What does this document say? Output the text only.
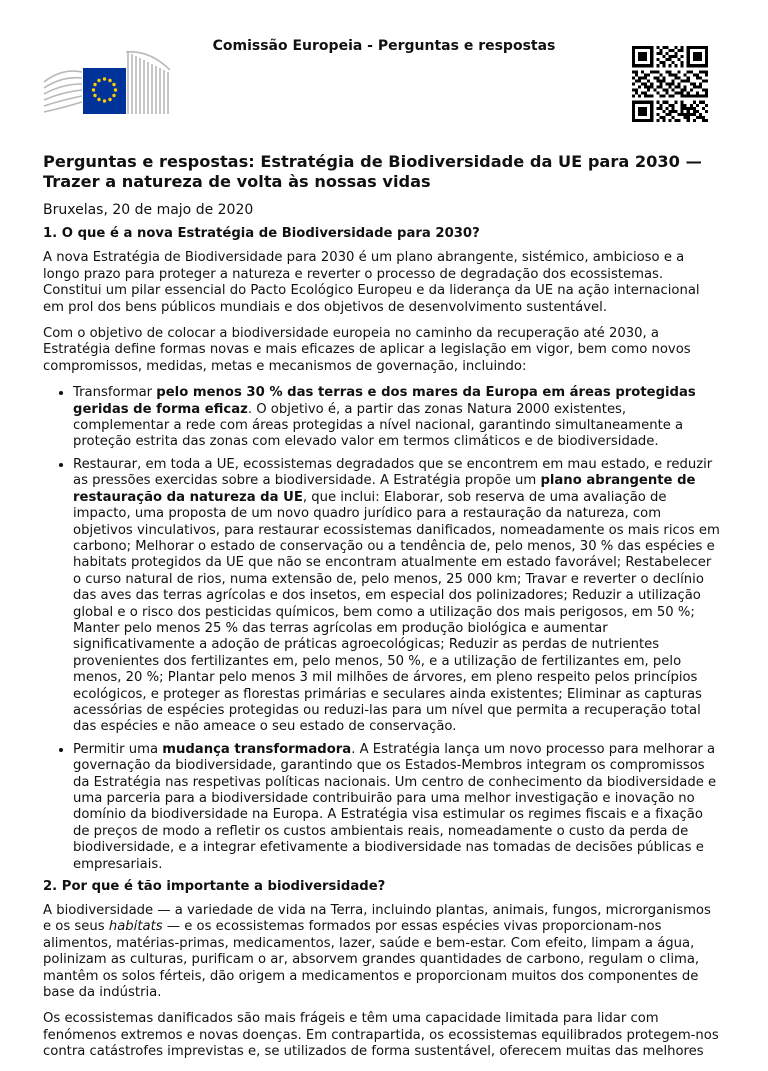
Comissão Europeia - Perguntas e respostas
Perguntas e respostas: Estratégia de Biodiversidade da UE para 2030 — Trazer a natureza de volta às nossas vidas
Bruxelas, 20 de majo de 2020
1. O que é a nova Estratégia de Biodiversidade para 2030?

A nova Estratégia de Biodiversidade para 2030 é um plano abrangente, sistémico, ambicioso e a longo prazo para proteger a natureza e reverter o processo de degradação dos ecossistemas. Constitui um pilar essencial do Pacto Ecológico Europeu e da liderança da UE na ação internacional em prol dos bens públicos mundiais e dos objetivos de desenvolvimento sustentável.

Com o objetivo de colocar a biodiversidade europeia no caminho da recuperação até 2030, a Estratégia define formas novas e mais eficazes de aplicar a legislação em vigor, bem como novos compromissos, medidas, metas e mecanismos de governação, incluindo:

• Transformar pelo menos 30 % das terras e dos mares da Europa em áreas protegidas geridas de forma eficaz. O objetivo é, a partir das zonas Natura 2000 existentes, complementar a rede com áreas protegidas a nível nacional, garantindo simultaneamente a proteção estrita das zonas com elevado valor em termos climáticos e de biodiversidade.
• Restaurar, em toda a UE, ecossistemas degradados que se encontrem em mau estado, e reduzir as pressões exercidas sobre a biodiversidade. A Estratégia propõe um plano abrangente de restauração da natureza da UE, que inclui: Elaborar, sob reserva de uma avaliação de impacto, uma proposta de um novo quadro jurídico para a restauração da natureza, com objetivos vinculativos, para restaurar ecossistemas danificados, nomeadamente os mais ricos em carbono; Melhorar o estado de conservação ou a tendência de, pelo menos, 30 % das espécies e habitats protegidos da UE que não se encontram atualmente em estado favorável; Restabelecer o curso natural de rios, numa extensão de, pelo menos, 25 000 km; Travar e reverter o declínio das aves das terras agrícolas e dos insetos, em especial dos polinizadores; Reduzir a utilização global e o risco dos pesticidas químicos, bem como a utilização dos mais perigosos, em 50 %; Manter pelo menos 25 % das terras agrícolas em produção biológica e aumentar significativamente a adoção de práticas agroecológicas; Reduzir as perdas de nutrientes provenientes dos fertilizantes em, pelo menos, 50 %, e a utilização de fertilizantes em, pelo menos, 20 %; Plantar pelo menos 3 mil milhões de árvores, em pleno respeito pelos princípios ecológicos, e proteger as florestas primárias e seculares ainda existentes; Eliminar as capturas acessórias de espécies protegidas ou reduzi-las para um nível que permita a recuperação total das espécies e não ameace o seu estado de conservação.
• Permitir uma mudança transformadora. A Estratégia lança um novo processo para melhorar a governação da biodiversidade, garantindo que os Estados-Membros integram os compromissos da Estratégia nas respetivas políticas nacionais. Um centro de conhecimento da biodiversidade e uma parceria para a biodiversidade contribuirão para uma melhor investigação e inovação no domínio da biodiversidade na Europa. A Estratégia visa estimular os regimes fiscais e a fixação de preços de modo a refletir os custos ambientais reais, nomeadamente o custo da perda de biodiversidade, e a integrar efetivamente a biodiversidade nas tomadas de decisões públicas e empresariais.
2. Por que é tão importante a biodiversidade?

A biodiversidade — a variedade de vida na Terra, incluindo plantas, animais, fungos, microrganismos e os seus habitats — e os ecossistemas formados por essas espécies vivas proporcionam-nos alimentos, matérias-primas, medicamentos, lazer, saúde e bem-estar. Com efeito, limpam a água, polinizam as culturas, purificam o ar, absorvem grandes quantidades de carbono, regulam o clima, mantêm os solos férteis, dão origem a medicamentos e proporcionam muitos dos componentes de base da indústria.

Os ecossistemas danificados são mais frágeis e têm uma capacidade limitada para lidar com fenómenos extremos e novas doenças. Em contrapartida, os ecossistemas equilibrados protegem-nos contra catástrofes imprevistas e, se utilizados de forma sustentável, oferecem muitas das melhores
